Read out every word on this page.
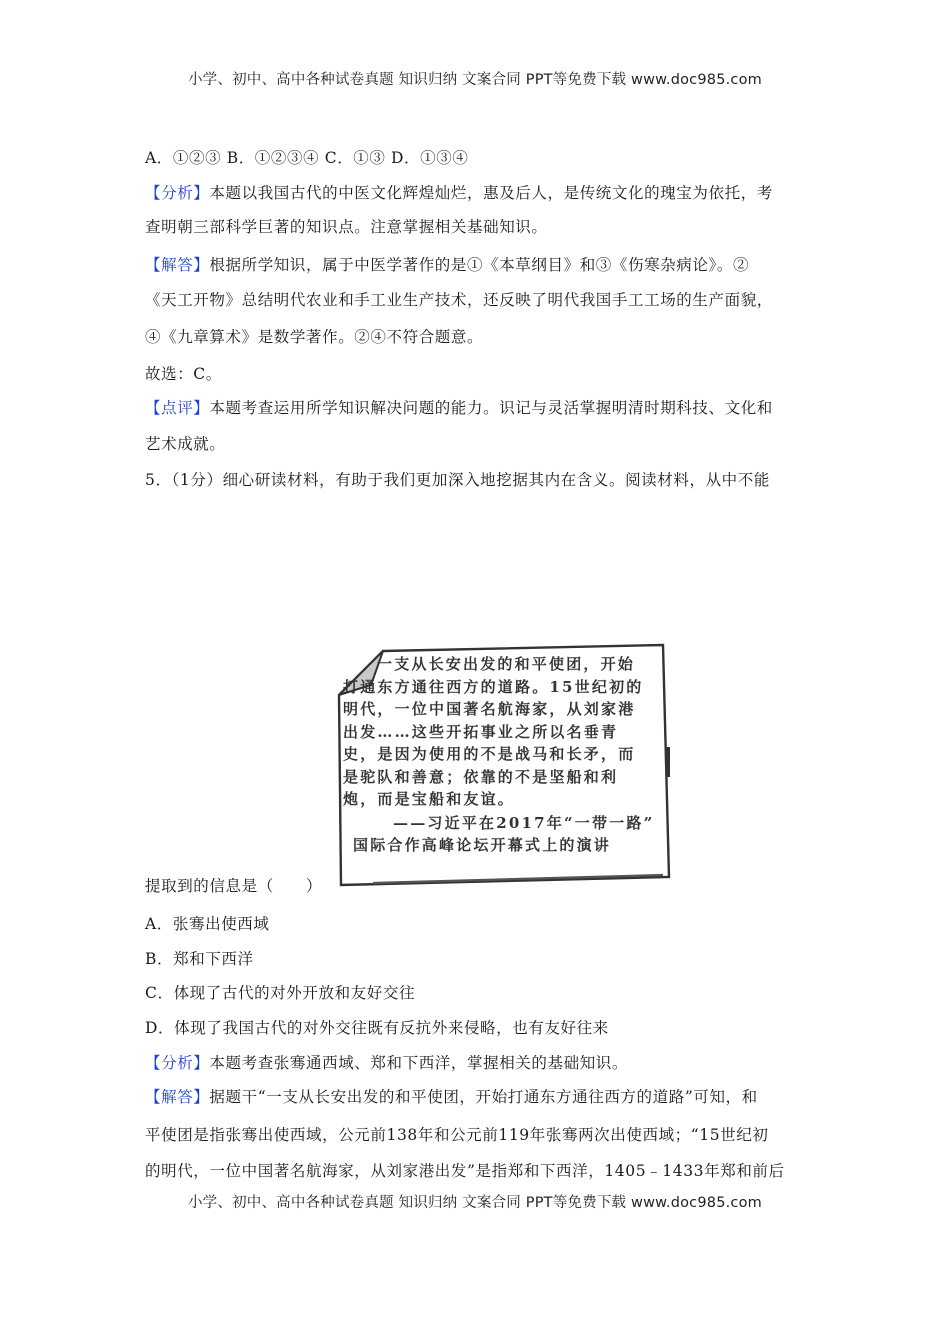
小学、初中、高中各种试卷真题 知识归纳 文案合同 PPT等免费下载 www.doc985.com
A．①②③ B．①②③④ C．①③ D．①③④
【分析】本题以我国古代的中医文化辉煌灿烂，惠及后人，是传统文化的瑰宝为依托，考
查明朝三部科学巨著的知识点。注意掌握相关基础知识。
【解答】根据所学知识，属于中医学著作的是①《本草纲目》和③《伤寒杂病论》。②
《天工开物》总结明代农业和手工业生产技术，还反映了明代我国手工工场的生产面貌，
④《九章算术》是数学著作。②④不符合题意。
故选：C。
【点评】本题考查运用所学知识解决问题的能力。识记与灵活掌握明清时期科技、文化和
艺术成就。
5．（1分）细心研读材料，有助于我们更加深入地挖据其内在含义。阅读材料，从中不能
一支从长安出发的和平使团，开始
打通东方通往西方的道路。15世纪初的
明代，一位中国著名航海家，从刘家港
出发……这些开拓事业之所以名垂青
史，是因为使用的不是战马和长矛，而
是驼队和善意；依靠的不是坚船和利
炮，而是宝船和友谊。
——习近平在2017年“一带一路”
国际合作高峰论坛开幕式上的演讲
提取到的信息是（　　）
A．张骞出使西域
B．郑和下西洋
C．体现了古代的对外开放和友好交往
D．体现了我国古代的对外交往既有反抗外来侵略，也有友好往来
【分析】本题考查张骞通西域、郑和下西洋，掌握相关的基础知识。
【解答】据题干“一支从长安出发的和平使团，开始打通东方通往西方的道路”可知，和
平使团是指张骞出使西域，公元前138年和公元前119年张骞两次出使西域；“15世纪初
的明代，一位中国著名航海家，从刘家港出发”是指郑和下西洋，1405﹣1433年郑和前后
小学、初中、高中各种试卷真题 知识归纳 文案合同 PPT等免费下载 www.doc985.com
